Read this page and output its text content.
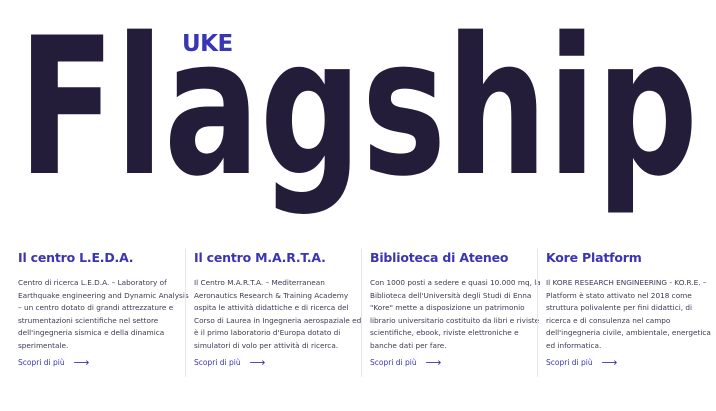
Flagship
UKE
Il centro L.E.D.A.

Centro di ricerca L.E.D.A. – Laboratory of Earthquake engineering and Dynamic Analysis – un centro dotato di grandi attrezzature e strumentazioni scientifiche nel settore dell'ingegneria sismica e della dinamica sperimentale.

Scopri di più ⟶
Il centro M.A.R.T.A.

Il Centro M.A.R.T.A. – Mediterranean Aeronautics Research & Training Academy ospita le attività didattiche e di ricerca del Corso di Laurea in Ingegneria aerospaziale ed è il primo laboratorio d'Europa dotato di simulatori di volo per attività di ricerca.

Scopri di più ⟶
Biblioteca di Ateneo

Con 1000 posti a sedere e quasi 10.000 mq, la Biblioteca dell'Università degli Studi di Enna "Kore" mette a disposizione un patrimonio librario universitario costituito da libri e riviste scientifiche, ebook, riviste elettroniche e banche dati per fare.

Scopri di più ⟶
Kore Platform

Il KORE RESEARCH ENGINEERING - KO.R.E. – Platform è stato attivato nel 2018 come struttura polivalente per fini didattici, di ricerca e di consulenza nel campo dell'ingegneria civile, ambientale, energetica ed informatica.

Scopri di più ⟶
